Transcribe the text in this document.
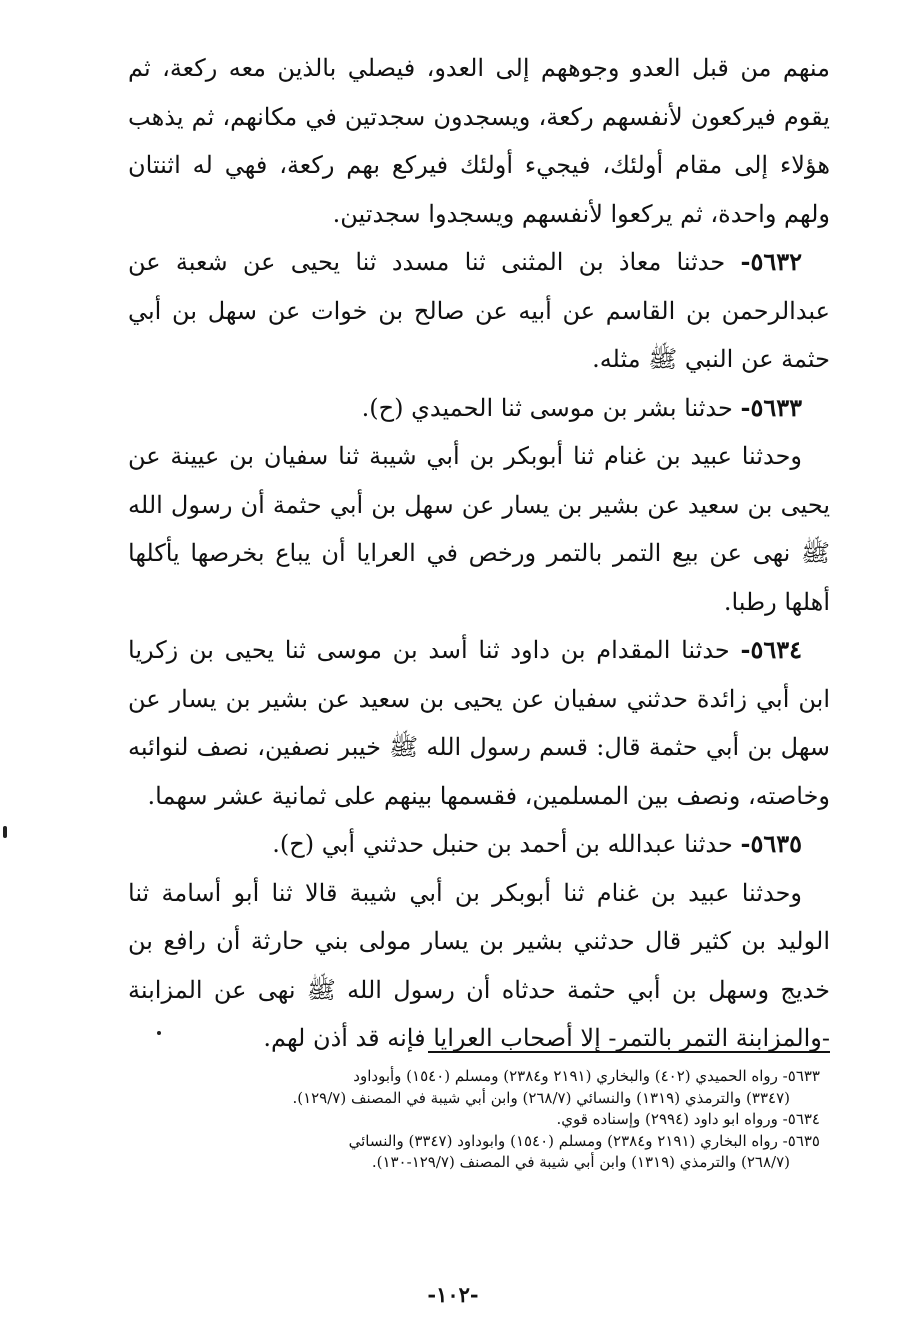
منهم من قبل العدو وجوههم إلى العدو، فيصلي بالذين معه ركعة، ثم يقوم فيركعون لأنفسهم ركعة، ويسجدون سجدتين في مكانهم، ثم يذهب هؤلاء إلى مقام أولئك، فيجيء أولئك فيركع بهم ركعة، فهي له اثنتان ولهم واحدة، ثم يركعوا لأنفسهم ويسجدوا سجدتين.

٥٦٣٢- حدثنا معاذ بن المثنى ثنا مسدد ثنا يحيى عن شعبة عن عبدالرحمن بن القاسم عن أبيه عن صالح بن خوات عن سهل بن أبي حثمة عن النبي ﷺ مثله.

٥٦٣٣- حدثنا بشر بن موسى ثنا الحميدي (ح).

وحدثنا عبيد بن غنام ثنا أبوبكر بن أبي شيبة ثنا سفيان بن عيينة عن يحيى بن سعيد عن بشير بن يسار عن سهل بن أبي حثمة أن رسول الله ﷺ نهى عن بيع التمر بالتمر ورخص في العرايا أن يباع بخرصها يأكلها أهلها رطبا.

٥٦٣٤- حدثنا المقدام بن داود ثنا أسد بن موسى ثنا يحيى بن زكريا ابن أبي زائدة حدثني سفيان عن يحيى بن سعيد عن بشير بن يسار عن سهل بن أبي حثمة قال: قسم رسول الله ﷺ خيبر نصفين، نصف لنوائبه وخاصته، ونصف بين المسلمين، فقسمها بينهم على ثمانية عشر سهما.

٥٦٣٥- حدثنا عبدالله بن أحمد بن حنبل حدثني أبي (ح).

وحدثنا عبيد بن غنام ثنا أبوبكر بن أبي شيبة قالا ثنا أبو أسامة ثنا الوليد بن كثير قال حدثني بشير بن يسار مولى بني حارثة أن رافع بن خديج وسهل بن أبي حثمة حدثاه أن رسول الله ﷺ نهى عن المزابنة -والمزابنة التمر بالتمر- إلا أصحاب العرايا فإنه قد أذن لهم.

٥٦٣٣- رواه الحميدي (٤٠٢) والبخاري (٢١٩١ و٢٣٨٤) ومسلم (١٥٤٠) وأبوداود

(٣٣٤٧) والترمذي (١٣١٩) والنسائي (٢٦٨/٧) وابن أبي شيبة في المصنف (١٢٩/٧).

٥٦٣٤- ورواه ابو داود (٢٩٩٤) وإسناده قوي.

٥٦٣٥- رواه البخاري (٢١٩١ و٢٣٨٤) ومسلم (١٥٤٠) وابوداود (٣٣٤٧) والنسائي

(٢٦٨/٧) والترمذي (١٣١٩) وابن أبي شيبة في المصنف (١٢٩/٧-١٣٠).

-١٠٢-
